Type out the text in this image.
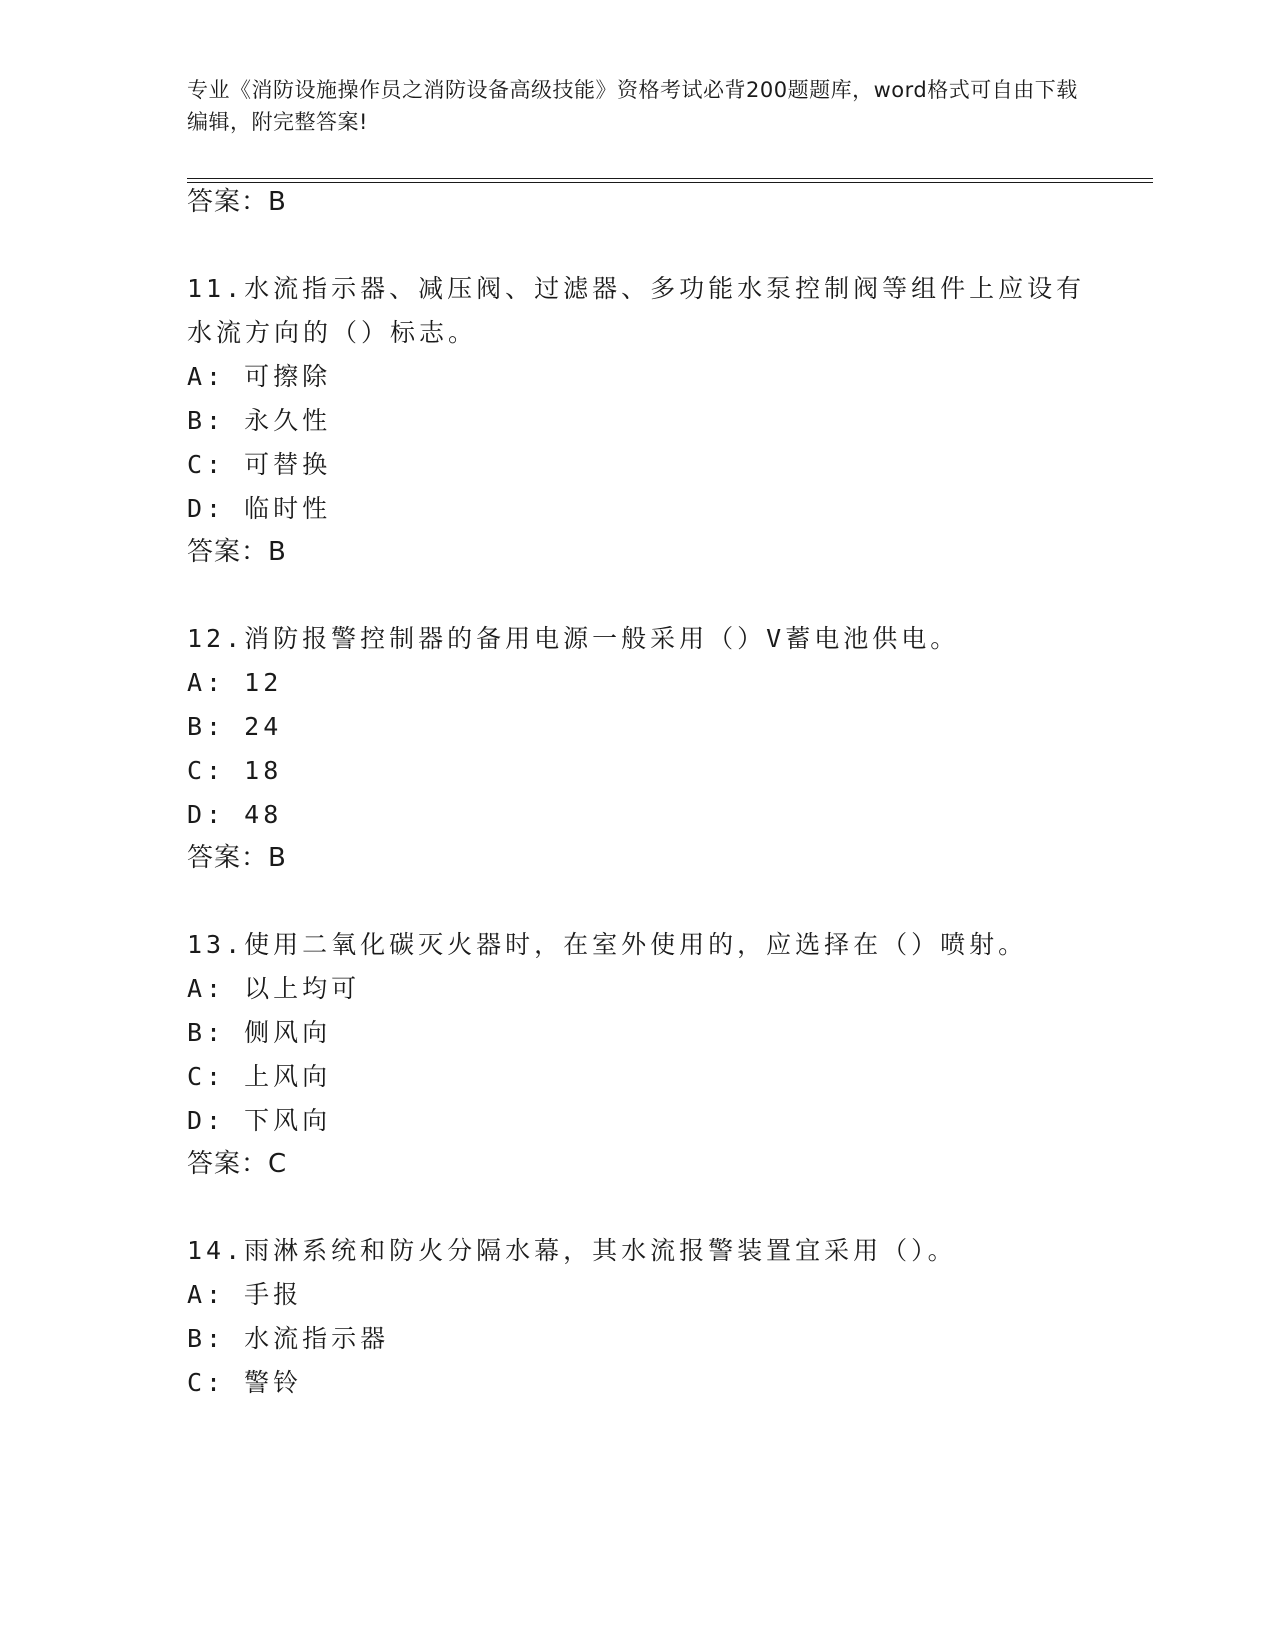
专业《消防设施操作员之消防设备高级技能》资格考试必背200题题库，word格式可自由下载编辑，附完整答案!
答案：B
11.水流指示器、减压阀、过滤器、多功能水泵控制阀等组件上应设有
水流方向的（）标志。
A: 可擦除
B: 永久性
C: 可替换
D: 临时性
答案：B
12.消防报警控制器的备用电源一般采用（）V蓄电池供电。
A: 12
B: 24
C: 18
D: 48
答案：B
13.使用二氧化碳灭火器时，在室外使用的，应选择在（）喷射。
A: 以上均可
B: 侧风向
C: 上风向
D: 下风向
答案：C
14.雨淋系统和防火分隔水幕，其水流报警装置宜采用（）。
A: 手报
B: 水流指示器
C: 警铃
